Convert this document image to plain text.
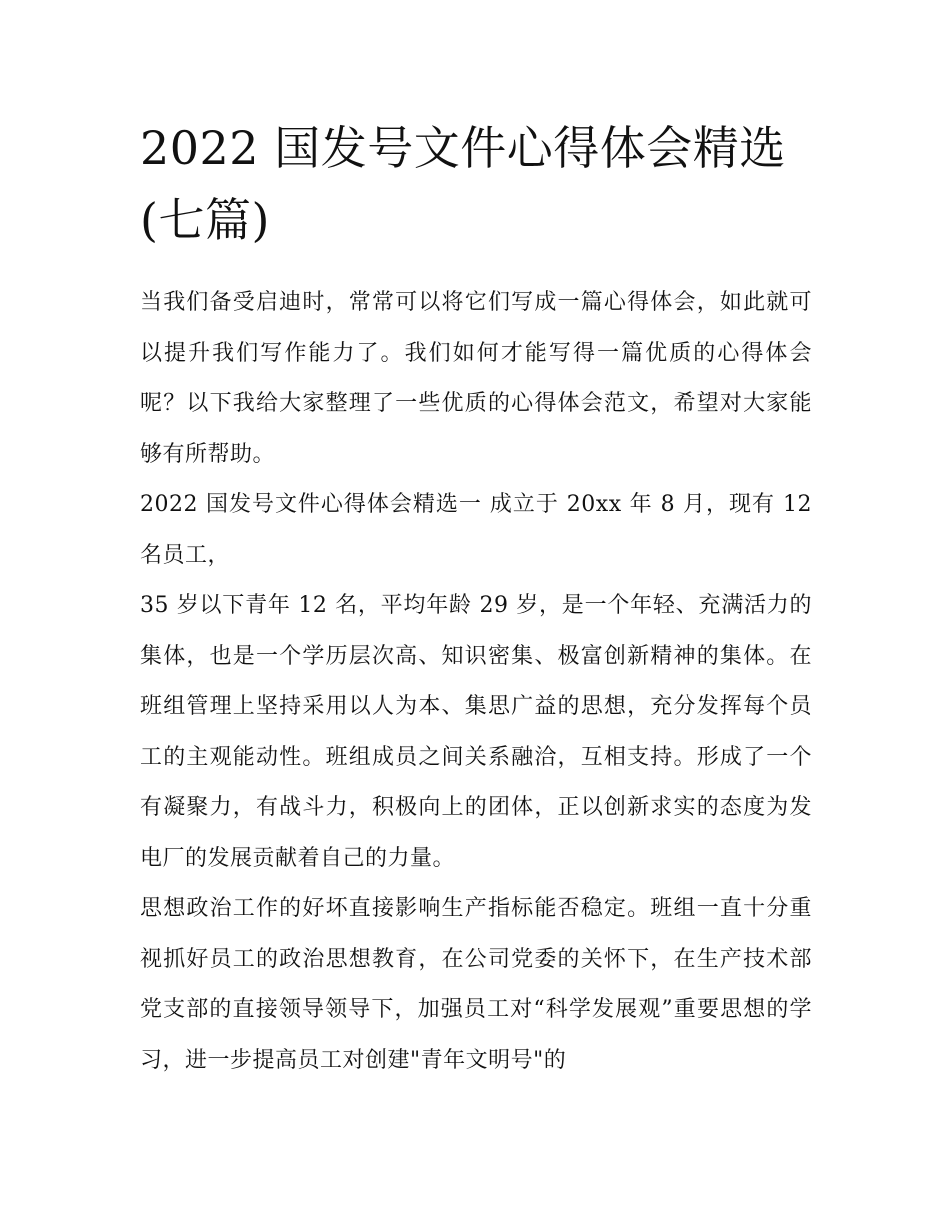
2022 国发号文件心得体会精选(七篇)

当我们备受启迪时，常常可以将它们写成一篇心得体会，如此就可以提升我们写作能力了。我们如何才能写得一篇优质的心得体会呢？以下我给大家整理了一些优质的心得体会范文，希望对大家能够有所帮助。

2022 国发号文件心得体会精选一 成立于 20xx 年 8 月，现有 12 名员工，

35 岁以下青年 12 名，平均年龄 29 岁，是一个年轻、充满活力的集体，也是一个学历层次高、知识密集、极富创新精神的集体。在班组管理上坚持采用以人为本、集思广益的思想，充分发挥每个员工的主观能动性。班组成员之间关系融洽，互相支持。形成了一个有凝聚力，有战斗力，积极向上的团体，正以创新求实的态度为发电厂的发展贡献着自己的力量。

思想政治工作的好坏直接影响生产指标能否稳定。班组一直十分重视抓好员工的政治思想教育，在公司党委的关怀下，在生产技术部党支部的直接领导领导下，加强员工对“科学发展观”重要思想的学习，进一步提高员工对创建"青年文明号"的
